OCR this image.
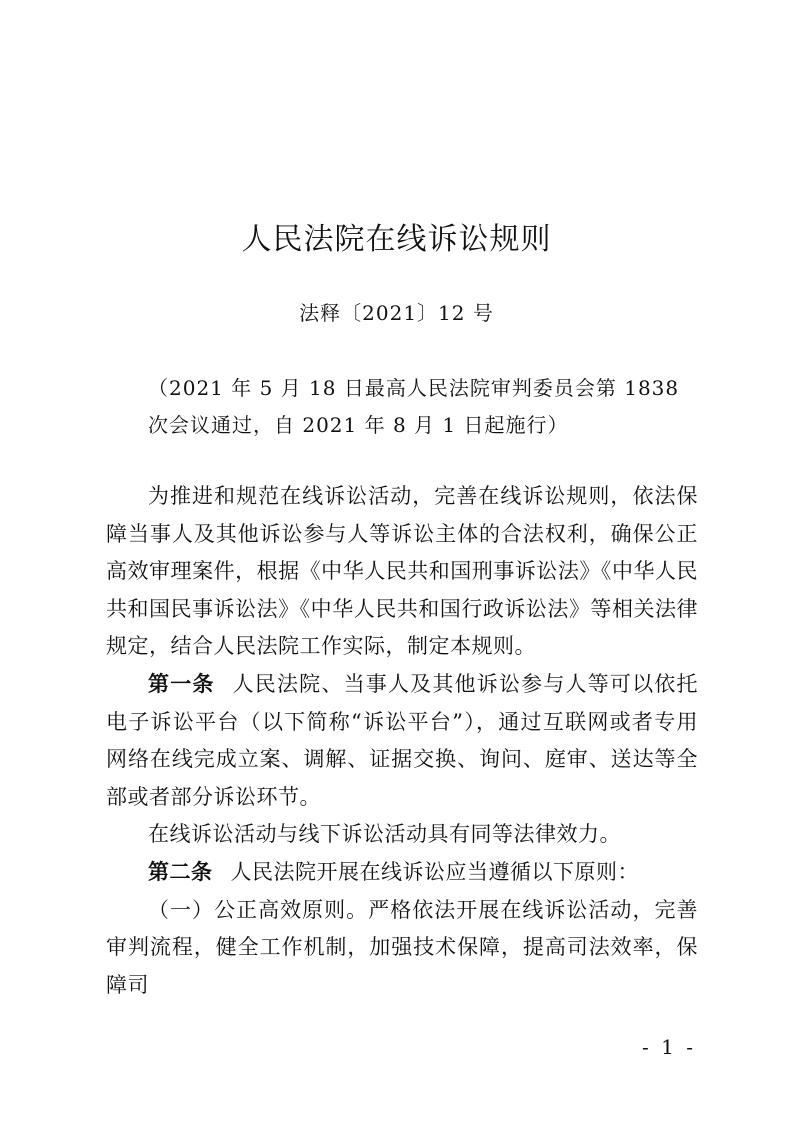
人民法院在线诉讼规则
法释〔2021〕12 号
（2021 年 5 月 18 日最高人民法院审判委员会第 1838
次会议通过，自 2021 年 8 月 1 日起施行）

为推进和规范在线诉讼活动，完善在线诉讼规则，依法保障当事人及其他诉讼参与人等诉讼主体的合法权利，确保公正高效审理案件，根据《中华人民共和国刑事诉讼法》《中华人民共和国民事诉讼法》《中华人民共和国行政诉讼法》等相关法律规定，结合人民法院工作实际，制定本规则。

第一条 人民法院、当事人及其他诉讼参与人等可以依托电子诉讼平台（以下简称“诉讼平台”），通过互联网或者专用网络在线完成立案、调解、证据交换、询问、庭审、送达等全部或者部分诉讼环节。

在线诉讼活动与线下诉讼活动具有同等法律效力。

第二条 人民法院开展在线诉讼应当遵循以下原则：

（一）公正高效原则。严格依法开展在线诉讼活动，完善审判流程，健全工作机制，加强技术保障，提高司法效率，保障司

- 1 -
